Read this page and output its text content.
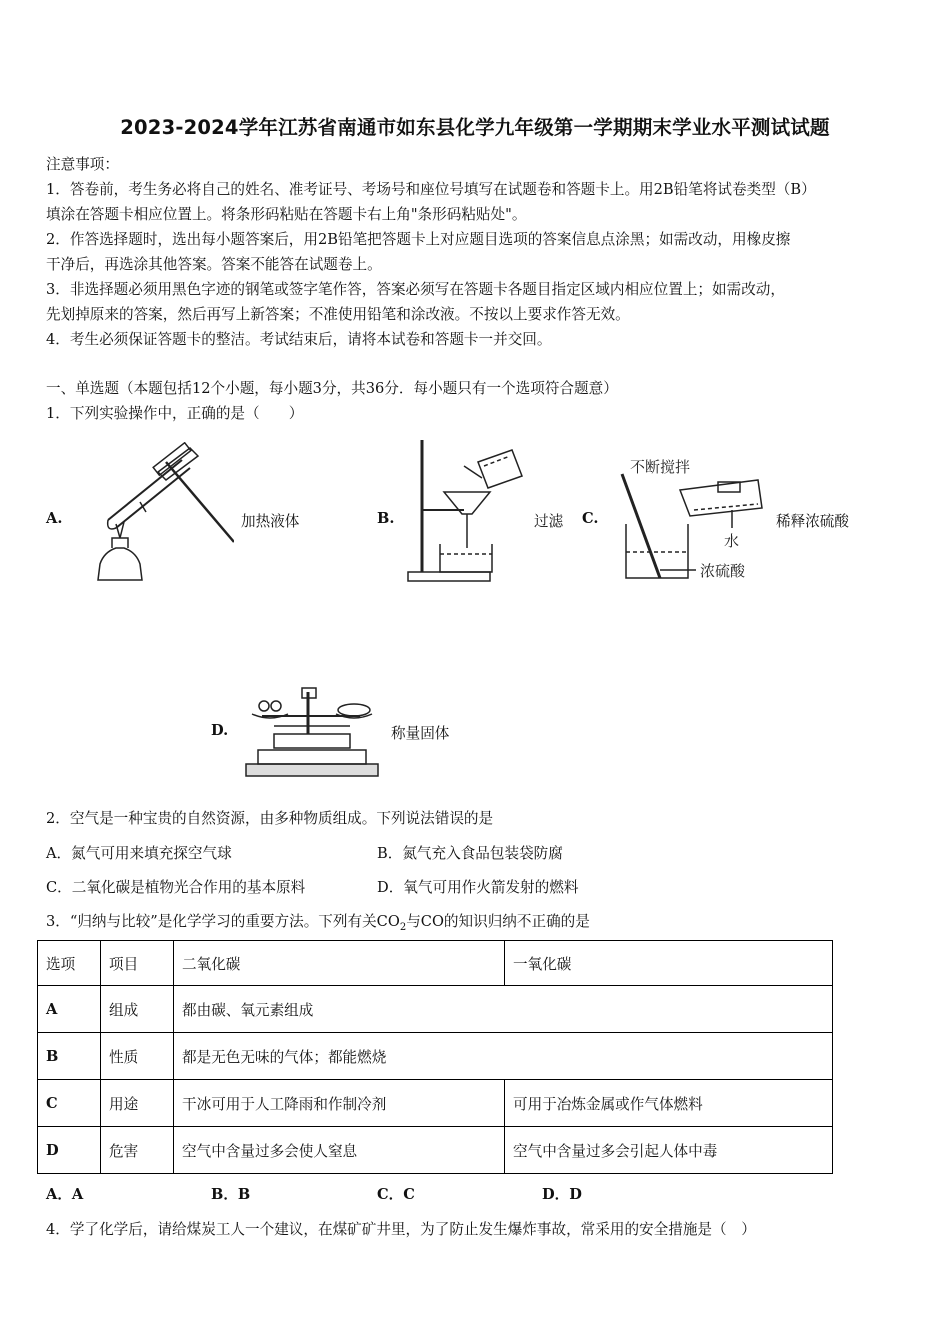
2023-2024学年江苏省南通市如东县化学九年级第一学期期末学业水平测试试题
注意事项：
1．答卷前，考生务必将自己的姓名、准考证号、考场号和座位号填写在试题卷和答题卡上。用2B铅笔将试卷类型（B）
填涂在答题卡相应位置上。将条形码粘贴在答题卡右上角"条形码粘贴处"。
2．作答选择题时，选出每小题答案后，用2B铅笔把答题卡上对应题目选项的答案信息点涂黑；如需改动，用橡皮擦
干净后，再选涂其他答案。答案不能答在试题卷上。
3．非选择题必须用黑色字迹的钢笔或签字笔作答，答案必须写在答题卡各题目指定区域内相应位置上；如需改动，
先划掉原来的答案，然后再写上新答案；不准使用铅笔和涂改液。不按以上要求作答无效。
4．考生必须保证答题卡的整洁。考试结束后，请将本试卷和答题卡一并交回。
一、单选题（本题包括12个小题，每小题3分，共36分．每小题只有一个选项符合题意）
1．下列实验操作中，正确的是（　　）
A.	加热液体	B.	过滤 C.
不断搅拌
水
浓硫酸
稀释浓硫酸
D.	称量固体
2．空气是一种宝贵的自然资源，由多种物质组成。下列说法错误的是
A．氮气可用来填充探空气球	B．氮气充入食品包装袋防腐
C．二氧化碳是植物光合作用的基本原料	D．氧气可用作火箭发射的燃料
3．“归纳与比较”是化学学习的重要方法。下列有关$CO_2$与CO的知识归纳不正确的是
选项	项目	二氧化碳	一氧化碳
A	组成	都由碳、氧元素组成	
B	性质	都是无色无味的气体；都能燃烧	
C	用途	干冰可用于人工降雨和作制冷剂	可用于冶炼金属或作气体燃料
D	危害	空气中含量过多会使人窒息	空气中含量过多会引起人体中毒
A．A	B．B	C．C	D．D
4．学了化学后，请给煤炭工人一个建议，在煤矿矿井里，为了防止发生爆炸事故，常采用的安全措施是（　）
